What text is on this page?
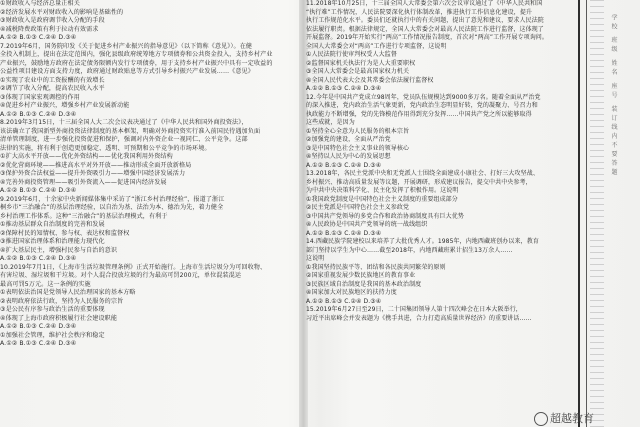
①财政收入与经济总量正相关
②经济发展水平对财政收入的影响是基础性的
③财政收入是政府调节收入分配的手段
④减税降费政策有利于拉动有效需求
A.①② B.①③ C.②④ D.③④
7.2019年6月，国务院印发《关于促进乡村产业振兴的指导意见》（以下简称《意见》）。在健
全投入机制上，提出在法定范围内，强化县级政府统筹地方专项债券和公共资金投入，支持乡村产业
产业振兴，鼓励地方政府在法定债务限额内发行专项债券，用于支持乡村产业振兴中具有一定收益的
公益性项目建设方面支持力度，政府通过财政贴息等方式引导乡村振兴产业发展……《意见》
①实现了农业中的工资报酬的有效增长
②调节了收入分配，提高农民收入水平
③体现了国家宏观调控的作用
④促进乡村产业振兴，增强乡村产业发展新动能
A.①② B.①③ C.②④ D.③④
8.2019年3月15日，十三届全国人大二次会议表决通过了《中华人民共和国外商投资法》，
该法确立了我国新型外商投资法律制度的基本框架，明确对外商投资实行准入前国民待遇加负面
清单管理制度，进一步强化投资促进和保护，强调对内外资企业一视同仁、公平竞争。这部
法律的实施，将有利于创造更加稳定、透明、可预期和公平竞争的市场环境。
①扩大高水平开放——优化外资结构——优化我国利用外资结构
②优化营商环境——推进高水平对外开放——推动形成全面开放新格局
③保护外资合法权益——提升外资吸引力——增强中国经济发展活力
④完善外商投资管理——吸引外资流入——促进国内经济发展
A.①② B.①③ C.②④ D.③④
9.2019年6月，十余家中央新闻媒体集中采访了“浙江乡村治理经验”，报道了浙江
桐乡市“三治融合”的基层治理经验，以自治为基、法治为本、德治为先，着力健全
乡村治理工作体系。这种“三治融合”的基层治理模式，有利于
①推动基层群众自治制度的完善和发展
②保障村民的知情权、参与权、表达权和监督权
③推进国家治理体系和治理能力现代化
④扩大基层民主，增强村民参与自治的意识
A.①② B.①③ C.②④ D.③④
10.2019年7月1日，《上海市生活垃圾管理条例》正式开始施行。上海市生活垃圾分为可回收物、
有害垃圾、湿垃圾和干垃圾。对个人混合投放垃圾的行为最高可罚200元，单位混装混运
最高可罚5万元。这一条例的实施
①表明依法治国是党领导人民治理国家的基本方略
②表明政府依法行政，坚持为人民服务的宗旨
③是公民有序参与政治生活的重要体现
④体现了上海市政府积极履行社会建设职能
A.①② B.①③ C.②④ D.③④
①加强社会管理，维护社会秩序和稳定
A.①② B.①③ C.②④ D.③④
11.2018年10月25日，十三届全国人大常委会第六次会议审议通过了《中华人民共和国
“执行难”工作情况，人民法院要深化执行体制改革，推进执行工作信息化建设，提升
执行工作规范化水平。委员们还就执行中的有关问题，提出了意见和建议，要求人民法院
依法履行职责。根据法律规定，全国人大常委会对最高人民法院工作进行监督，这体现了
开展监督。2019年开始实行“两高”工作情况报告制度，首次对“两高”工作开展专项询问。
全国人大常委会对“两高”工作进行专项监督，这说明
①人民法院行使审判权受人大监督
②监督国家机关执法行为是人大重要职权
③全国人大常委会是最高国家权力机关
④全国人民代表大会及其常委会依法履行监督权
A.①② B.①③ C.②④ D.③④
12.今年是中国共产党成立98周年，党员队伍规模达到9000多万名。随着全面从严治党
的深入推进，党内政治生活气象更新，党内政治生态明显好转，党的凝聚力、号召力和
执政能力不断增强，党的先锋模范作用得到充分发挥……中国共产党之所以能够取得
这些成就，是因为
①坚持全心全意为人民服务的根本宗旨
②加强党的建设，全面从严治党
③是中国特色社会主义事业的领导核心
④坚持以人民为中心的发展思想
A.①② B.①③ C.②④ D.③④
13.2018年，各民主党派中央和无党派人士围绕全面建成小康社会、打好三大攻坚战、
乡村振兴、推动高质量发展等议题，开展调研，形成建议报告，提交中共中央参考，
为中共中央决策科学化、民主化发挥了积极作用。这说明
①我国政党制度是中国特色社会主义制度的重要组成部分
②民主党派是中国特色社会主义参政党
③中国共产党领导的多党合作和政治协商制度具有巨大优势
④人民政协是中国共产党领导的统一战线组织
A.①② B.①③ C.②④ D.③④
14.西藏民族学院建校以来培养了大批优秀人才。1985年，内地西藏班创办以来，教育
部门坚持以学生为中心……截至2018年，内地西藏班累计招生13万余人……
这说明
①我国坚持民族平等、团结和各民族共同繁荣的原则
②国家重视发展少数民族地区的教育事业
③民族区域自治制度是我国的基本政治制度
④国家加大对民族地区的扶持力度
A.①② B.①③ C.②④ D.③④
15.2019年6月27日至29日，二十国集团领导人第十四次峰会在日本大阪举行，
习近平出席峰会并发表题为《携手共进，合力打造高质量世界经济》的重要讲话……
学校 班级 姓名 座号 装订线内不要答题
超越教育
